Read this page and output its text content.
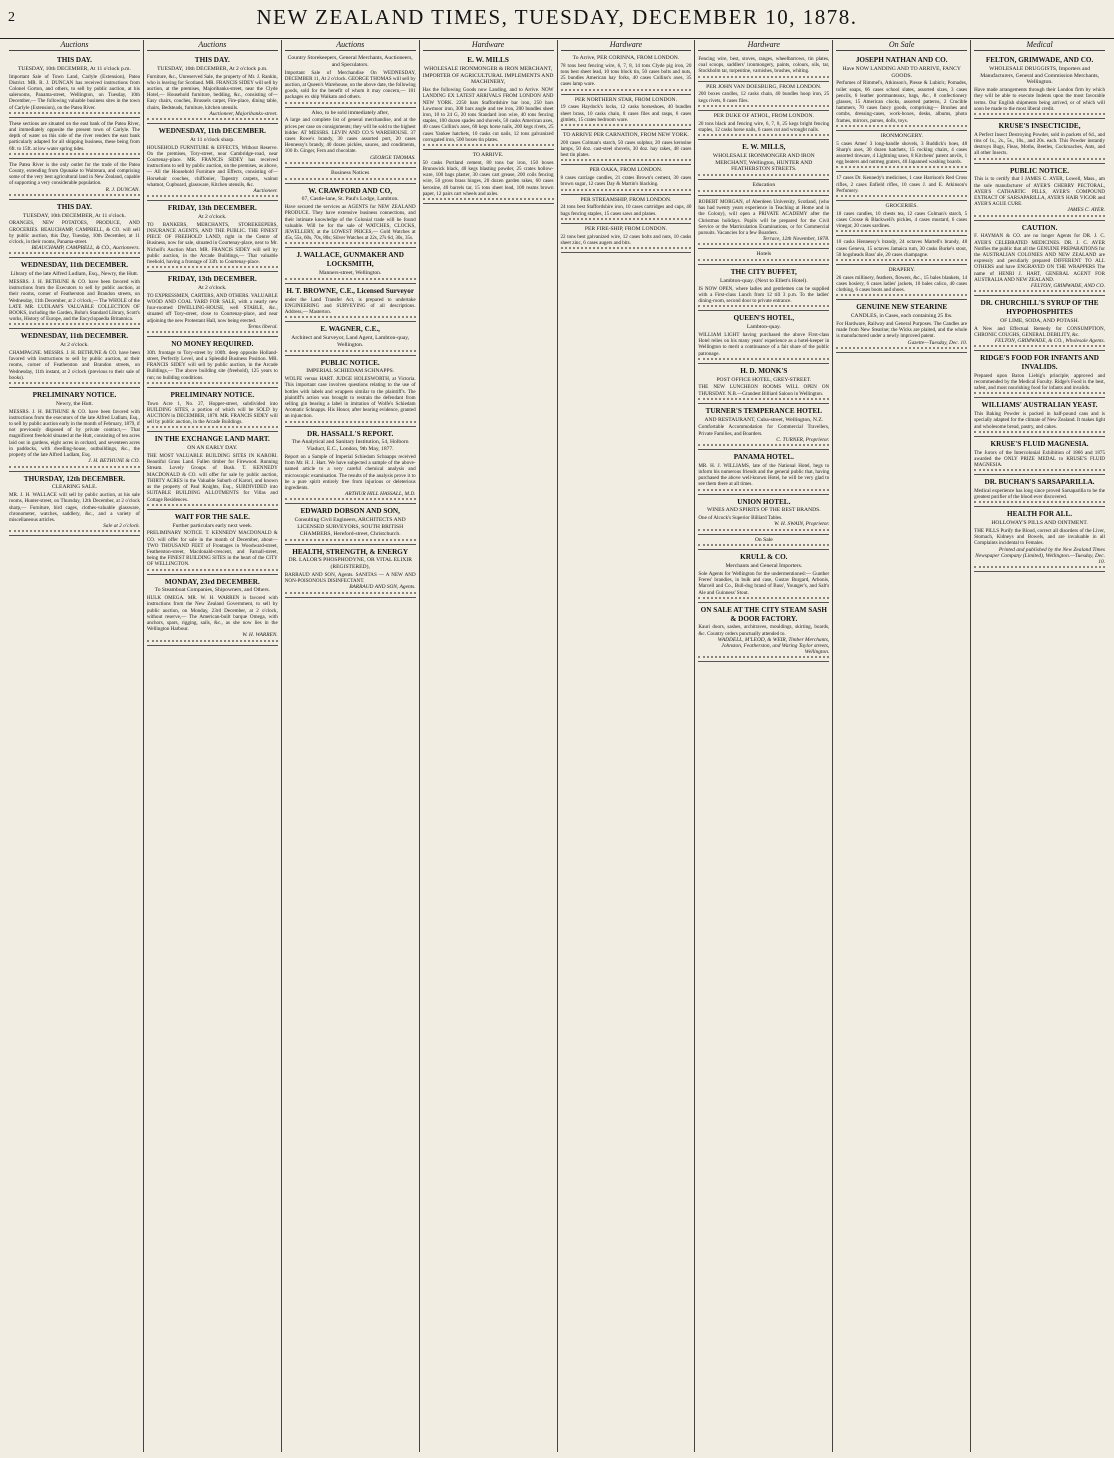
2	NEW ZEALAND TIMES, TUESDAY, DECEMBER 10, 1878.
Auctions
THIS DAY.
TUESDAY, 10th DECEMBER, At 11 o'clock p.m.
Important Sale of Town Land, Carlyle (Extension), Patea District. MR. R. J. DUNCAN has received instructions from Colonel Gorton, and others, to sell by public auction, at his salerooms, Panama-street, Wellington, on Tuesday, 10th December,— The following valuable business sites in the town of Carlyle (Extension), on the Patea River.
These sections are situated on the east bank of the Patea River, and immediately opposite the present town of Carlyle. The depth of water on this side of the river renders the east bank particularly adapted for all shipping business, these being from 6ft. to 15ft. at low water spring tides.
The Patea River is the only outlet for the trade of the Patea County, extending from Opunake to Waitotara, and comprising some of the very best agricultural land in New Zealand, capable of supporting a very considerable population.
R. J. DUNCAN.
THIS DAY.
TUESDAY, 10th DECEMBER, At 11 o'clock.
ORANGES, NEW POTATOES, PRODUCE, AND GROCERIES. BEAUCHAMP, CAMPBELL, & CO. will sell by public auction, this Day, Tuesday, 10th December, at 11 o'clock, in their rooms, Panama-street.
BEAUCHAMP, CAMPBELL, & CO., Auctioneers.
WEDNESDAY, 11th DECEMBER.
Library of the late Alfred Ludlam, Esq., Newry, the Hutt.
MESSRS. J. H. BETHUNE & CO. have been favored with instructions from the Executors to sell by public auction, at their rooms, corner of Featherston and Brandon streets, on Wednesday, 11th December, at 2 o'clock,— The WHOLE of the LATE MR. LUDLAM'S VALUABLE COLLECTION OF BOOKS, including the Garden, Bohn's Standard Library, Scott's works, History of Europe, and the Encyclopaedia Britannica.
WEDNESDAY, 11th DECEMBER.
At 2 o'clock.
CHAMPAGNE. MESSRS. J. H. BETHUNE & CO. have been favored with instructions to sell by public auction, at their rooms, corner of Featherston and Brandon streets, on Wednesday, 11th instant, at 2 o'clock (previous to their sale of books).
PRELIMINARY NOTICE.
Newry, the Hutt.
MESSRS. J. H. BETHUNE & CO. have been favored with instructions from the executors of the late Alfred Ludlam, Esq., to sell by public auction early in the month of February, 1879, if not previously disposed of by private contract,— That magnificent freehold situated at the Hutt, consisting of ten acres laid out in gardens, eight acres in orchard, and seventeen acres in paddocks, with dwelling-house, outbuildings, &c., the property of the late Alfred Ludlam, Esq.
J. H. BETHUNE & CO.
THURSDAY, 12th DECEMBER.
CLEARING SALE.
MR. J. H. WALLACE will sell by public auction, at his sale rooms, Hunter-street, on Thursday, 12th December, at 2 o'clock sharp,— Furniture, bird cages, clothes-valuable glassware, chronometer, watches, saddlery, &c., and a variety of miscellaneous articles.
Sale at 2 o'clock.
Auctions
THIS DAY.
TUESDAY, 10th DECEMBER, At 2 o'clock p.m.
Furniture, &c., Unreserved Sale, the property of Mr. J. Rankin, who is leaving for Scotland. MR. FRANCIS SIDEY will sell by auction, at the premises, Majoribanks-street, near the Clyde Hotel,— Household furniture, bedding, &c., consisting of— Easy chairs, couches, Brussels carpet, Fire-place, dining table, chairs, Bedsteads, furniture, kitchen utensils.
Auctioneer, Majoribanks-street.
WEDNESDAY, 11th DECEMBER.
At 11 o'clock sharp.
HOUSEHOLD FURNITURE & EFFECTS, Without Reserve. On the premises, Tory-street, near Cambridge-road, near Courtenay-place. MR. FRANCIS SIDEY has received instructions to sell by public auction, on the premises, as above,— All the Household Furniture and Effects, consisting of— Horsehair couches, chiffonier, Tapestry carpets, walnut whatnot, Cupboard, glassware, Kitchen utensils, &c.
Auctioneer.
FRIDAY, 13th DECEMBER.
At 2 o'clock.
TO BANKERS, MERCHANTS, STOREKEEPERS, INSURANCE AGENTS, AND THE PUBLIC. THE FINEST PIECE OF FREEHOLD LAND, right in the Centre of Business, now for sale, situated in Courtenay-place, next to Mr. Nicholl's Auction Mart. MR. FRANCIS SIDEY will sell by public auction, in the Arcade Buildings,— That valuable freehold, having a frontage of 33ft. to Courtenay-place.
FRIDAY, 13th DECEMBER.
At 2 o'clock.
TO EXPRESSMEN, CARTERS, AND OTHERS. VALUABLE WOOD AND COAL YARD FOR SALE, with a nearly new four-roomed DWELLING-HOUSE, well STABLE, &c., situated off Tory-street, close to Courtenay-place, and near adjoining the new Protestant Hall, now being erected.
Terms liberal.
NO MONEY REQUIRED.
30ft. frontage to Tory-street by 100ft. deep opposite Holland-street, Perfectly Level, and a Splendid Business Position. MR. FRANCIS SIDEY will sell by public auction, in the Arcade Buildings,— The above building site (freehold), 125 years to run; no building conditions.
PRELIMINARY NOTICE.
Town Acre 1, No. 27, Hopper-street, subdivided into BUILDING SITES, a portion of which will be SOLD by AUCTION in DECEMBER, 1878. MR. FRANCIS SIDEY will sell by public auction, in the Arcade Buildings.
IN THE EXCHANGE LAND MART.
ON AN EARLY DAY.
THE MOST VALUABLE BUILDING SITES IN KARORI. Beautiful Grass Land. Fallen timber for Firewood. Running Stream. Lovely Groups of Bush. T. KENNEDY MACDONALD & CO. will offer for sale by public auction, THIRTY ACRES in the Valuable Suburb of Karori, and known as the property of Paul Knights, Esq., SUBDIVIDED into SUITABLE BUILDING ALLOTMENTS for Villas and Cottage Residences.
WAIT FOR THE SALE.
Further particulars early next week.
PRELIMINARY NOTICE. T. KENNEDY MACDONALD & CO. will offer for sale in the month of December, about— TWO THOUSAND FEET of Frontages in Woodward-street, Featherston-street, Macdonald-crescent, and Farnall-street, being the FINEST BUILDING SITES in the heart of the CITY OF WELLINGTON.
MONDAY, 23rd DECEMBER.
To Steamboat Companies, Shipowners, and Others.
HULK OMEGA. MR. W. H. WARREN is favored with instructions from the New Zealand Government, to sell by public auction, on Monday, 23rd December, at 2 o'clock, without reserve,— The American-built barque Omega, with anchors, spars, rigging, sails, &c., as she now lies in the Wellington Harbour.
W. H. WARREN.
Auctions
Country Storekeepers, General Merchants, Auctioneers, and Speculators.
Important Sale of Merchandise On WEDNESDAY, DECEMBER 11, At 2 o'clock. GEORGE THOMAS will sell by auction, at Queen's Warehouse, on the above date, the following goods, sold for the benefit of whom it may concern,— 181 packages ex ship Waikato and others.
Also, to be sold immediately after,
A large and complete list of general merchandise, and at the prices per case on consignments; they will be sold to the highest bidder. AT MESSRS. LEVIN AND CO.'S WAREHOUSE. 37 cases Rowe's brandy, 30 cases assorted port, 20 cases Hennessy's brandy, 40 dozen pickles, sauces, and condiments, 100 lb. Ginger, Fern and chocolate.
GEORGE THOMAS.
Business Notices
W. CRAWFORD AND CO,
67, Castle-lane, St. Paul's Lodge, Lambton.
Have secured the services as AGENTS for NEW ZEALAND PRODUCE. They have extensive business connections, and their intimate knowledge of the Colonial trade will be found valuable. Will be for the sale of WATCHES, CLOCKS, JEWELLERY, at the LOWEST PRICES,— Gold Watches at 45s, 55s, 60s, 70s, 80s; Silver Watches at 22s, 27s 6d, 30s, 35s.
J. WALLACE, GUNMAKER AND LOCKSMITH,
Manners-street, Wellington.
H. T. BROWNE, C.E., Licensed Surveyor
under the Land Transfer Act, is prepared to undertake ENGINEERING and SURVEYING of all descriptions. Address,— Masterton.
E. WAGNER, C.E.,
Architect and Surveyor, Land Agent, Lambton-quay, Wellington.
PUBLIC NOTICE.
IMPERIAL SCHIEDAM SCHNAPPS.
WOLFE versus HART. JUDGE HOLESWORTH, at Victoria. This important case involves questions relating to the use of bottles with labels and wrappers similar to the plaintiff's. The plaintiff's action was brought to restrain the defendant from selling gin bearing a label in imitation of Wolfe's Schiedam Aromatic Schnapps. His Honor, after hearing evidence, granted an injunction.
DR. HASSALL'S REPORT.
The Analytical and Sanitary Institution, 54, Holborn Viaduct, E.C., London, 9th May, 1877.
Report on a Sample of Imperial Schiedam Schnapps received from Mr. H. J. Hart. We have subjected a sample of the above-named article to a very careful chemical analysis and microscopic examination. The results of the analysis prove it to be a pure spirit entirely free from injurious or deleterious ingredients.
ARTHUR HILL HASSALL, M.D.
EDWARD DOBSON AND SON,
Consulting Civil Engineers, ARCHITECTS AND LICENSED SURVEYORS, SOUTH BRITISH CHAMBERS, Hereford-street, Christchurch.
HEALTH, STRENGTH, & ENERGY
DR. LALOR'S PHOSPHODYNE, OR VITAL ELIXIR (REGISTERED),
BARRAUD AND SON, Agents. SANITAS — A NEW AND NON-POISONOUS DISINFECTANT.
BARRAUD AND SON, Agents.
Hardware
E. W. MILLS
WHOLESALE IRONMONGER & IRON MERCHANT, IMPORTER OF AGRICULTURAL IMPLEMENTS AND MACHINERY,
Has the following Goods now Landing, and to Arrive. NOW LANDING EX LATEST ARRIVALS FROM LONDON AND NEW YORK. 2250 bars Staffordshire bar iron, 250 bars Lowmoor iron, 300 bars angle and tee iron, 200 bundles sheet iron, 10 to 24 G, 20 tons Standard iron wire, 40 tons fencing staples, 100 dozen spades and shovels, 50 casks American axes, 40 cases Collins's axes, 60 kegs horse nails, 200 kegs rivets, 25 cases Yankee hatchets, 10 casks cut nails, 12 tons galvanized corrugated iron, 500 boxes tin plates.
TO ARRIVE.
50 casks Portland cement, 80 tons bar iron, 150 boxes Brunswick black, 40 kegs blasting powder, 25 crates hollow-ware, 100 bags plaster, 30 cases cart grease, 200 coils fencing wire, 50 gross brass hinges, 20 dozen garden rakes, 60 cases kerosine, 40 barrels tar, 15 tons sheet lead, 100 reams brown paper, 12 pairs cart wheels and axles.
Hardware
To Arrive, PER CORINNA, FROM LONDON.
78 tons best fencing wire, 6, 7, 8, 14 tons Clyde pig iron, 20 tons best sheet lead, 10 tons block tin, 50 cases bolts and nuts, 25 bundles American hay forks, 40 cases Collins's axes, 35 cases lamp ware.
PER NORTHERN STAR, FROM LONDON.
19 cases Haydock's locks, 12 casks horseshoes, 40 bundles sheet brass, 10 casks chain, 8 cases files and rasps, 6 cases gimlets, 15 crates bedroom ware.
TO ARRIVE PER CARNATION, FROM NEW YORK.
200 cases Colman's starch, 50 cases sulphur, 20 cases kerosine lamps, 50 doz. cast-steel shovels, 30 doz. hay rakes, 48 cases best tin plates.
PER OAKA, FROM LONDON.
8 cases carriage candles, 21 crates Brown's cement, 30 cases brown sugar, 12 cases Day & Martin's blacking.
PER STREAMSHIP, FROM LONDON.
24 tons best Staffordshire iron, 10 cases cartridges and caps, 40 bags fencing staples, 15 cases saws and planes.
PER FIRE-SHIP, FROM LONDON.
22 tons best galvanized wire, 12 cases bolts and nuts, 10 casks sheet zinc, 6 cases augers and bits.
Hardware
Fencing wire, best, stoves, ranges, wheelbarrows, tin plates, coal scoops, saddlers' ironmongery, paints, colours, oils, tar, Stockholm tar, turpentine, varnishes, brushes, whiting.
PER JOHN VAN DOESBURG, FROM LONDON.
200 boxes candles, 12 casks chain, 40 bundles hoop iron, 25 kegs rivets, 8 cases files.
PER DUKE OF ATHOL, FROM LONDON.
20 tons black and fencing wire, 6, 7, 8, 25 kegs bright fencing staples, 12 casks horse nails, 6 cases cut and wrought nails.
E. W. MILLS,
WHOLESALE IRONMONGER AND IRON MERCHANT, Wellington, HUNTER AND FEATHERSTON STREETS.
Education
ROBERT MORGAN, of Aberdeen University, Scotland, (who has had twenty years experience in Teaching at Home and in the Colony), will open a PRIVATE ACADEMY after the Christmas holidays. Pupils will be prepared for the Civil Service or the Matriculation Examinations, or for Commercial pursuits. Vacancies for a few Boarders.
Terrace, 12th November, 1878.
Hotels
THE CITY BUFFET,
Lambton-quay. (Next to Ellett's Hotel).
IS NOW OPEN, where ladies and gentlemen can be supplied with a First-class Lunch from 12 till 3 p.m. To the ladies' dining-room, second door to private entrance.
QUEEN'S HOTEL,
Lambton-quay.
WILLIAM LIGHT having purchased the above First-class Hotel relies on his many years' experience as a hotel-keeper in Wellington to merit a continuance of a fair share of the public patronage.
H. D. MONK'S
POST OFFICE HOTEL, GREY-STREET.
THE NEW LUNCHEON ROOMS WILL OPEN ON THURSDAY. N.B.—Grandest Billiard Saloon in Wellington.
TURNER'S TEMPERANCE HOTEL
AND RESTAURANT, Cuba-street, Wellington, N.Z.
Comfortable Accommodation for Commercial Travellers, Private Families, and Boarders.
C. TURNER, Proprietor.
PANAMA HOTEL.
MR. H. J. WILLIAMS, late of the National Hotel, begs to inform his numerous friends and the general public that, having purchased the above well-known Hotel, he will be very glad to see them there at all times.
UNION HOTEL.
WINES AND SPIRITS OF THE BEST BRANDS.
One of Alcock's Superior Billiard Tables.
W. H. SWAIN, Proprietor.
On Sale
KRULL & CO.
Merchants and General Importers.
Sole Agents for Wellington for the undermentioned:— Gunther Freres' brandies, in bulk and case, Gustav Burgard, Arbonis, Marcell and Co., Bull-dog brand of Bass', Younger's, and Salt's Ale and Guinness' Stout.
ON SALE AT THE CITY STEAM SASH & DOOR FACTORY.
Kauri doors, sashes, architraves, mouldings, skirting, boards, &c. Country orders punctually attended to.
WADDELL, M'LEOD, & WEIR, Timber Merchants, Johnston, Featherston, and Waring Taylor streets, Wellington.
On Sale
JOSEPH NATHAN AND CO.
Have NOW LANDING AND TO ARRIVE, FANCY GOODS.
Perfumes of Rimmel's, Atkinson's, Piesse & Lubin's; Pomades, toilet soaps, 66 cases school slates, assorted sizes, 3 cases pencils, 6 leather portmanteaux, bags, &c., 8 confectionery glasses, 15 American clocks, assorted patterns, 2 Crucible hammers, 70 cases fancy goods, comprising— Brushes and combs, dressing-cases, work-boxes, desks, albums, photo frames, mirrors, purses, dolls, toys.
IRONMONGERY.
5 cases Ames' 3 long-handle shovels, 3 Ruddick's hoes, 48 Sharp's axes, 30 dozen hatchets, 15 rocking chairs, 4 cases assorted tinware, 4 Lightning saws, 8 Kitchens' patent anvils, 1 egg beaters and nutmeg graters, 40 Japanned washing boards.
17 cases Dr. Kennedy's medicines, 1 case Harrison's Red Cross rifles, 2 cases Enfield rifles, 10 cases J. and E. Atkinson's Perfumery.
GROCERIES.
18 cases candles, 10 chests tea, 12 cases Colman's starch, 5 cases Crosse & Blackwell's pickles, 4 cases mustard, 6 cases vinegar, 20 cases sardines.
10 casks Hennessy's brandy, 24 octaves Martell's brandy, 48 cases Geneva, 15 octaves Jamaica rum, 30 casks Burke's stout, 50 hogsheads Bass' ale, 20 cases champagne.
DRAPERY.
26 cases millinery, feathers, flowers, &c., 15 bales blankets, 14 cases hosiery, 6 cases ladies' jackets, 10 bales calico, 40 cases clothing, 6 cases boots and shoes.
GENUINE NEW STEARINE
CANDLES, in Cases, each containing 25 lbs.
For Hardware, Railway and General Purposes. The Candles are made from New Stearine; the Wicks are plaited, and the whole is manufactured under a newly improved patent.
Gazette—Tuesday, Dec. 10.
Medical
FELTON, GRIMWADE, AND CO.
WHOLESALE DRUGGISTS, Importers and Manufacturers, General and Commission Merchants, Wellington.
Have made arrangements through their London firm by which they will be able to execute Indents upon the most favorable terms. Our English shipments being arrived, or of which will soon be made to the most liberal credit.
KRUSE'S INSECTICIDE,
A Perfect Insect Destroying Powder, sold in packets of 6d., and tins of 1s., 2s., 5s., 10s., and 20s. each. This Powder instantly destroys Bugs, Fleas, Moths, Beetles, Cockroaches, Ants, and all other Insects.
PUBLIC NOTICE.
This is to certify that I JAMES C. AYER, Lowell, Mass., am the sole manufacturer of AYER'S CHERRY PECTORAL, AYER'S CATHARTIC PILLS, AYER'S COMPOUND EXTRACT OF SARSAPARILLA, AYER'S HAIR VIGOR and AYER'S AGUE CURE.
JAMES C. AYER.
CAUTION.
F. HAYMAN & CO. are no longer Agents for DR. J. C. AYER'S CELEBRATED MEDICINES. DR. J. C. AYER Notifies the public that all the GENUINE PREPARATIONS for the AUSTRALIAN COLONIES AND NEW ZEALAND are expressly and peculiarly prepared DIFFERENT TO ALL OTHERS and have ENGRAVED ON THE WRAPPERS The name of HENRI J. HART, GENERAL AGENT FOR AUSTRALIA AND NEW ZEALAND.
FELTON, GRIMWADE, AND CO.
DR. CHURCHILL'S SYRUP OF THE HYPOPHOSPHITES
OF LIME, SODA, AND POTASH.
A New and Effectual Remedy for CONSUMPTION, CHRONIC COUGHS, GENERAL DEBILITY, &c.
FELTON, GRIMWADE, & CO., Wholesale Agents.
RIDGE'S FOOD FOR INFANTS AND INVALIDS.
Prepared upon Baron Liebig's principle; approved and recommended by the Medical Faculty. Ridge's Food is the best, safest, and most nourishing food for infants and invalids.
WILLIAMS' AUSTRALIAN YEAST.
This Baking Powder is packed in half-pound cans and is specially adapted for the climate of New Zealand. It makes light and wholesome bread, pastry, and cakes.
KRUSE'S FLUID MAGNESIA.
The Jurors of the Intercolonial Exhibition of 1866 and 1875 awarded the ONLY PRIZE MEDAL to KRUSE'S FLUID MAGNESIA.
DR. BUCHAN'S SARSAPARILLA.
Medical experience has long since proved Sarsaparilla to be the greatest purifier of the blood ever discovered.
HEALTH FOR ALL.
HOLLOWAY'S PILLS AND OINTMENT.
THE PILLS Purify the Blood, correct all disorders of the Liver, Stomach, Kidneys and Bowels, and are invaluable in all Complaints incidental to Females.
Printed and published by the New Zealand Times Newspaper Company (Limited), Wellington.—Tuesday, Dec. 10.
